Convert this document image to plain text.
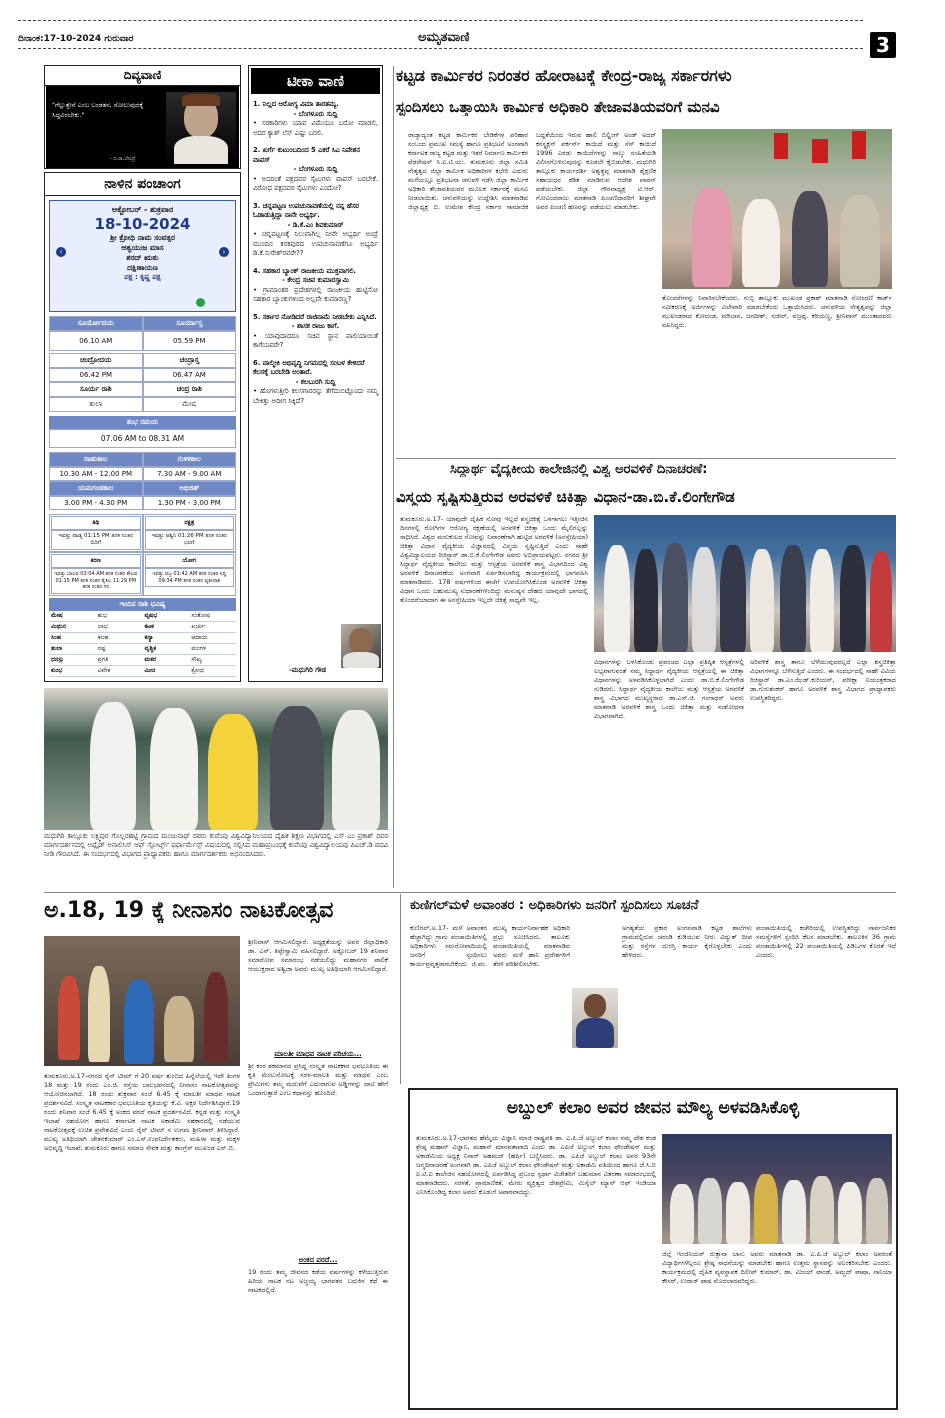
ದಿನಾಂಕ:17-10-2024 ಗುರುವಾರ	ಅಮೃತವಾಣಿ	3
ದಿವ್ಯವಾಣಿ
"ಗೆಲ್ಲುತ್ತೇನೆ ಎಂಬ ಬಂಡತನ, ಸೋಲುವುದಕ್ಕೆ ಸಿದ್ಧವಿರಬೇಕು."
- ದ.ರಾ.ಬೇಂದ್ರೆ
ನಾಳಿನ ಪಂಚಾಂಗ
ಅಕ್ಟೋಬರ್ - ಶುಕ್ರವಾರ
18-10-2024
‹	›
ಶ್ರೀ ಕ್ರೋಧಿ ನಾಮ ಸಂವತ್ಸರ
ಆಶ್ವಯುಜ ಮಾಸ
ಶರದ್ ಋತು
ದಕ್ಷಿಣಾಯಣ
ಪಕ್ಷ : ಕೃಷ್ಣ ಪಕ್ಷ
ಸೂರ್ಯೋದಯ	ಸೂರ್ಯಾಸ್ತ
06.10 AM	05.59 PM
ಚಂದ್ರೋದಯ	ಚಂದ್ರಾಸ್ತ
06.42 PM	06.47 AM
ಸೂರ್ಯ ರಾಶಿ	ಚಂದ್ರ ರಾಶಿ
ತುಲಾ	ಮೇಷ
ಶುಭ ಸಮಯ
07.06 AM to 08.31 AM
ರಾಹುಕಾಲ	ಗುಳಿಕಕಾಲ
10.30 AM - 12.00 PM	7.30 AM - 9.00 AM
ಯಮಗಂಡಕಾಲ	ಅಭಿಜಿತ್
3.00 PM - 4.30 PM	1.30 PM - 3.00 PM
ತಿಥಿ
ಇವತ್ತು ಪಾಡ್ಯ 01:15 PM ತನಕ ನಂತರ ಬಿದಿಗೆ
ನಕ್ಷತ್ರ
ಇವತ್ತು ಅಶ್ವಿನಿ 01:26 PM ತನಕ ನಂತರ ಭರಣಿ
ಕರಣ
ಇವತ್ತು ಬಾಲವ 03:04 AM ತನಕ ನಂತರ ಕೌಲವ 01:15 PM ತನಕ ನಂತರ ತೈತಿಲ 11:29 PM ತನಕ ನಂತರ ಗರ
ಯೋಗ
ಇವತ್ತು ವಜ್ರ 01:42 AM ತನಕ ನಂತರ ಸಿದ್ಧಿ 09:34 PM ತನಕ ನಂತರ ವ್ಯತೀಪಾತ
ಇಂದಿನ ರಾಶಿ ಭವಿಷ್ಯ
ಮೇಷ	ಶುಭ	ವೃಷಭ	ಸಂತೋಷ
ಮಿಥುನ	ಲಾಭ	ಕಟಕ	ಖರ್ಚು
ಸಿಂಹ	ಕಲಹ	ಕನ್ಯಾ	ಆದಾಯ
ತುಲಾ	ನಷ್ಟ	ವೃಶ್ಚಿಕ	ಮಂಗಳ
ಧನಸ್ಸು	ಪ್ರಗತಿ	ಮಕರ	ಸೌಖ್ಯ
ಕುಂಭ	ವಿವೇಕ	ಮೀನ	ಕ್ರೋಧ
ಟೀಕಾ ವಾಣಿ
1. ನಿಲ್ಲದ ಅರೋಗ್ಯ ವಿಮಾ ತಾರತಮ್ಯ.
- ಬೆಂಗಳೂರು ಸುದ್ದಿ
• ಸರಕಾರಿಗಳು ಯಾವ ವಿಮೆಯೂ ಬರೋ ಮಾಡಲಿ, ಅದರ ಕ್ಯಾಶ್ ಲೆಸ್ ಎಷ್ಟು ಬರಲಿ.
2. ಖರ್ಗೆ ಕುಟುಂಬದಿಂದ 5 ಎಕರೆ ಸಿಎ ನಿವೇಶನ ವಾಪಸ್
- ಬೆಂಗಳೂರು ಸುದ್ದಿ
• ಅದರಂತೆ ಪಕ್ಷದವರ ಸೈಟುಗಳು ವಾಪಸ್ ಬರಬೇಕೆ. ವಿರೋಧ ಪಕ್ಷದವರ ಸೈಟುಗಳು ಎಂದೋ?
3. ಚನ್ನಪಟ್ಟಣ ಉಪಚುನಾವಣೆಯಲ್ಲಿ ನನ್ನ ಹೆಸರ ಓಡಾಡುತ್ತಿದ್ದಾ ನಾನೇ ಅಭ್ಯರ್ಥಿ.
- ಡಿ.ಕೆ.ಎಂ ಶಿವಕುಮಾರ್
• ಚನ್ನಪಟ್ಟಣಕ್ಕೆ ನಿಲುವಾಗಿಲ್ಲ ನೀವೇ ಅಭ್ಯರ್ಥಿ ಅಂದ್ರೆ ಮುಂದಿನ ಕನಕಪುರದ ಉಪಚುನಾವಣೆಗೂ ಅಭ್ಯರ್ಥಿ ಡಿ.ಕೆ.ಸುರೇಶ್‌ರವರೇ??
4. ಸಹಕಾರ ಬ್ಯಾಂಕ್ ರಾಜಕೀಯ ಮುಕ್ತವಾಗಲಿ.
- ಕೇಂದ್ರ ಸಚಿವ ಕುಮಾರಸ್ವಾಮಿ
• ಗ್ರಾಮಾಂತರ ಪ್ರದೇಶಗಳಲ್ಲಿ ರಾಜಕೀಯ ಹುಟ್ಟಿಸೋ ಸಹಕಾರ ಬ್ಯಾಂಕುಗಳಿಂದ ಅಲ್ಲವೇ ಕುಮಾರಣ್ಣ?
5. ಸರ್ಕಾರ ನೋಡಿದರೆ ರಾಜಿನಾಮೆ ನೀಡಬೇಕು ಎನ್ನಿಸಿದೆ.
- ಶಾಸಕ ರಾಜು ಕಾಗೆ.
• ಯಾವುದಾದರೂ ಸಚಿವ ಸ್ಥಾನ ಪಾಲಿಯಾಯಿತೆ ಕಾಗೆಯವರೇ?
6. ವಾಲ್ಮೀಕಿ ಅಭಿವೃದ್ಧಿ ನಿಗಮದಲ್ಲಿ ಸಂಬಳ ಕೇಳಿದರೆ ಕೆಲಸಕ್ಕೆ ಬರಬೇಡಿ ಅಂತಾರೆ.
- ಕಲಬುರಗಿ ಸುದ್ದಿ
• ಹೊಗಳುತ್ತೀರಿ ಕಲಸಗಾರರನ್ನು ತೆಗೆದುಬಿಟ್ಟೊಂದು ನಮ್ಮ ಬೇಕಿತ್ತು ಅದೀಗ ಸಿಕ್ಕಿದೆ?
-ಮಧುಗಿರಿ ಗೌಡ
ಕಟ್ಟಡ ಕಾರ್ಮಿಕರ ನಿರಂತರ ಹೋರಾಟಕ್ಕೆ ಕೇಂದ್ರ-ರಾಜ್ಯ ಸರ್ಕಾರಗಳು
ಸ್ಪಂದಿಸಲು ಒತ್ತಾಯಿಸಿ ಕಾರ್ಮಿಕ ಅಧಿಕಾರಿ ತೇಜಾವತಿಯವರಿಗೆ ಮನವಿ
ರಾಜ್ಯಾದ್ಯಂತ ಕಟ್ಟಡ ಕಾರ್ಮಿಕರ ಬೇಡಿಕೆಗಳ ಪರಿಹಾರ ಸಂಬಂದ ಪ್ರಮುಖ ಸಮಸ್ಯೆ ಹಾಗೂ ಪ್ರತಿಭಟನೆ ಅಂಗವಾಗಿ ಕರ್ನಾಟಕ ರಾಜ್ಯ ಕಟ್ಟಡ ಮತ್ತು ಇತರೆ ನಿರ್ಮಾಣ ಕಾರ್ಮಿಕರ ಫೆಡರೇಷನ್ ಸಿ.ಐ.ಟಿ.ಯು. ತುಮಕೂರು ಜಿಲ್ಲಾ ಸಮಿತಿ ನೇತೃತ್ವದ ಜಿಲ್ಲಾ ಕಾರ್ಮಿಕ ಅಧಿಕಾರಿಗಳ ಕಛೇರಿ ಎದುರು ಮಳೆಯಲ್ಲೂ ಪ್ರತಿಭಟನಾ ಚಳುವಳಿ ನಡೆಸಿ ಜಿಲ್ಲಾ ಕಾರ್ಮಿಕ ಅಧಿಕಾರಿ ತೇಜಾವತಿಯವರ ಮೂಲಕ ಸರ್ಕಾರಕ್ಕೆ ಮನವಿ ನೀಡಲಾಯಿತು. ಚಳುವಳಿಯನ್ನು ಉದ್ದೇಶಿಸಿ ಮಾತನಾಡಿದ ಜಿಲ್ಲಾಧ್ಯಕ್ಷ ಬಿ. ಉಮೇಶ ಕೇಂದ್ರ ಸರ್ಕಾರ ಸಾಮಾಜಿಕ ಬದ್ಧತೆಯಿಂದ ಇರುವ ಹಾಲಿ ಬಿಲ್ಡಿಂಗ್ ಅಂಡ್ ಅದರ್ ಕನಸ್ಟ್ರಕ್ಷನ್ ವರ್ಕರ್ಸ್ ಕಾಯಿದೆ ಮತ್ತು ಸೆಸ್ ಕಾಯಿದೆ 1996 ಎರಡು ಕಾಯಿದೆಗಳನ್ನು ನಾಲ್ಕು ಸಂಹಿತೆಯಡಿ ವಿಲೀನಗೊಳಿಸುವುದನ್ನು ಕೂಡಲೇ ಕೈಬಿಡಬೇಕು. ಮಧುಗಿರಿ ತಾಲ್ಲೂಕು ಕಾರ್ಯದರ್ಶಿ ಅಶ್ವತ್ಥಪ್ಪ ಮಾತನಾಡಿ ಶೈಕ್ಷಣಿಕ ಸಹಾಯಧನ ಕಡಿತ ಮಾಡಿರುವ ಆದೇಶ ವಾಪಸ್ ಪಡೆಯಬೇಕು. ಜಿಲ್ಲಾ ಗೌರವಾಧ್ಯಕ್ಷ ಟಿ.ಆರ್. ಗೋವಿಂದರಾಜು ಮಾತನಾಡಿ ಪಿಂಚಣಿದಾರರಿಗೆ ಶೀಘ್ರವೇ ಅವರ ಪಿಂಚಣಿ ಹಣವನ್ನು ಪಡೆಯಲು ಮಾಡಬೇಕು.
ತೊಂದರೆಗಳನ್ನು ನಿವಾರಿಸಬೇಕೆಂದರು. ಗುಬ್ಬಿ ತಾಲ್ಲೂಕು ಮುಖಂಡ ಪ್ರಕಾಶ್ ಮಾತನಾಡಿ ನೋಂದಣಿ ಕಾರ್ಡ್ ನವೀಕರಣಕ್ಕೆ ಅರ್ಜಿಗಳನ್ನು ವಿಲೇವಾರಿ ಮಾಡಬೇಕೆಂದು ಒತ್ತಾಯಿಸಿದರು. ಚಳುವಳಿಯ ನೇತೃತ್ವವನ್ನು ಜಿಲ್ಲಾ ಮುಖಂಡರಾದ ಕೋದಂಡ, ಮೌಲಾನ, ಜಗದೀಶ್, ನಜೀರ್, ವಜ್ರಪ್ಪ, ಕರಿಯಣ್ಣ, ಶ್ರೀನಿವಾಸ್ ಮುಂತಾದವರು ವಹಿಸಿದ್ದರು.
ಸಿದ್ಧಾರ್ಥ ವೈದ್ಯಕೀಯ ಕಾಲೇಜಿನಲ್ಲಿ ವಿಶ್ವ ಅರವಳಿಕೆ ದಿನಾಚರಣೆ:
ವಿಸ್ಮಯ ಸೃಷ್ಟಿಸುತ್ತಿರುವ ಅರವಳಿಕೆ ಚಿಕಿತ್ಸಾ ವಿಧಾನ-ಡಾ.ಬಿ.ಕೆ.ಲಿಂಗೇಗೌಡ
ತುಮಕೂರು,ಅ.17- ಯಾವುದೇ ದೈಹಿಕ ನೋವು ಇಲ್ಲದೆ ಶಸ್ತ್ರಚಿಕಿತ್ಸೆ ಒಳಗಾಗಲು ಇತ್ತೀಚಿನ ದಿನಗಳಲ್ಲಿ ರೋಗಿಗಳ ಆರೋಗ್ಯ ರಕ್ಷಣೆಯಲ್ಲಿ ಅರವಳಿಕೆ ಚಿಕಿತ್ಸಾ ಒಂದು ಮೈಲಿಗಲ್ಲನ್ನು ಸಾಧಿಸಿದೆ. ವಿಶ್ವದ ಮನುಕುಲದ ನೋವನ್ನು ನಿವಾರಣೆಗಾಗಿ ಹುಟ್ಟಿದ ಅರವಳಿಕೆ (ಅನಸ್ತೇಷಿಯಾ) ಚಿಕಿತ್ಸಾ ವಿಧಾನ ವೈದ್ಯಕೀಯ ವಿಜ್ಞಾನದಲ್ಲಿ ವಿಸ್ಮಯ ಸೃಷ್ಟಿಸುತ್ತಿದೆ ಎಂದು ಸಾಹೇ ವಿಶ್ವವಿದ್ಯಾಲಯದ ರಿಜಿಸ್ಟ್ರಾರ್ ಡಾ.ಬಿ.ಕೆ.ಲಿಂಗೇಗೌಡ ಅವರು ಅಭಿಪ್ರಾಯಪಟ್ಟರು. ನಗರದ ಶ್ರೀ ಸಿದ್ಧಾರ್ಥ ವೈದ್ಯಕೀಯ ಕಾಲೇಜು ಮತ್ತು ಆಸ್ಪತ್ರೆಯ ಅರವಳಿಕೆ ಶಾಸ್ತ್ರ ವಿಭಾಗದಿಂದ ವಿಶ್ವ ಅರವಳಿಕೆ ದಿನಾಚರಣೆಯ ಅಂಗವಾಗಿ ಏರ್ಪಡಿಸಲಾಗಿದ್ದ ಕಾರ್ಯಕ್ರಮದಲ್ಲಿ ಭಾಗವಹಿಸಿ ಮಾತನಾಡಿದರು. 178 ವರ್ಷಗಳಿಂದ ಈಚೆಗೆ ಉಪಯೋಗಿಸಿಕೊಂಡ ಅರವಳಿಕೆ ಚಿಕಿತ್ಸಾ ವಿಧಾನ ಒಂದು ಬಹುಮುಖ್ಯ ಸುಧಾರಣೆಗಳಿಂದಿದ್ದು ಮನುಷ್ಯನ ದೇಹದ ಯಾವುದೇ ಭಾಗದಲ್ಲಿ ತೊಂದರೆಯಾದಾಗ ಈ ಅನಸ್ತೇಷಿಯಾ ಇಲ್ಲದೇ ಚಿಕಿತ್ಸೆ ಸಾಧ್ಯವೇ ಇಲ್ಲ.
ವಿಧಾನಗಳನ್ನು ಬಳಸಿಕೊಂಡು ಪ್ರಪಂಚದ ಎಲ್ಲಾ ಪ್ರತಿಷ್ಠಿತ ಆಸ್ಪತ್ರೆಗಳಲ್ಲಿ ಲಭ್ಯವಾಗುವಂತೆ ನಮ್ಮ ಸಿದ್ಧಾರ್ಥ ವೈದ್ಯಕೀಯ ಆಸ್ಪತ್ರೆಯಲ್ಲಿ ಈ ಚಿಕಿತ್ಸಾ ವಿಧಾನಗಳನ್ನು ಅಳವಡಿಸಿಕೊಳ್ಳಲಾಗಿದೆ ಎಂದು ಡಾ.ಬಿ.ಕೆ.ಲಿಂಗೇಗೌಡ ನುಡಿದರು. ಸಿದ್ಧಾರ್ಥ ವೈದ್ಯಕೀಯ ಕಾಲೇಜು ಮತ್ತು ಆಸ್ಪತ್ರೆಯ ಅರವಳಿಕೆ ಶಾಸ್ತ್ರ ವಿಭಾಗದ ಮುಖ್ಯಸ್ಥರಾದ ಡಾ.ಎಸ್.ಜಿ. ಗಂಗಾಧರ್ ಅವರು ಮಾತನಾಡಿ ಅರವಳಿಕೆ ಶಾಸ್ತ್ರ ಒಂದು ಚಿಕಿತ್ಸಾ ಮತ್ತು ಸಂಶೋಧನಾ ವಿಭಾಗವಾಗಿದೆ.
ಅರಿವಳಿಕೆ ಶಾಸ್ತ್ರ ತಾನೂ ಬೆಳೆಯುವುದರಲ್ಲದೆ ಎಲ್ಲಾ ಶಸ್ತ್ರಚಿಕಿತ್ಸಾ ವಿಭಾಗಗಳನ್ನೂ ಬೆಳೆಸುತ್ತಿದೆ ಎಂದರು. ಈ ಸಂದರ್ಭದಲ್ಲಿ ಸಾಹೇ ವಿವಿಯ ರಿಜಿಸ್ಟ್ರಾರ್ ಡಾ.ಎಂ.ಝೆಡ್.ಕುರಿಯನ್, ಪರೀಕ್ಷಾ ನಿಯಂತ್ರಕರಾದ ಡಾ.ಗುರುಶಂಕರ್ ಹಾಗೂ ಅರವಳಿಕೆ ಶಾಸ್ತ್ರ ವಿಭಾಗದ ಪ್ರಾಧ್ಯಾಪಕರು ಉಪಸ್ಥಿತರಿದ್ದರು.
ಮಧುಗಿರಿ ತಾಲ್ಲೂಕು ಲಕ್ಷ್ಮಿಪುರ ಗೊಲ್ಲರಹಟ್ಟಿ ಗ್ರಾಮದ ಮಂಜುನಾಥ್ ರವರು ಕುವೆಂಪು ವಿಶ್ವವಿದ್ಯಾನಿಲಯದ ದೈಹಿಕ ಶಿಕ್ಷಣ ವಿಭಾಗದಲ್ಲಿ ಎಸ್ ಎಂ ಪ್ರಕಾಶ್ ರವರ ಮಾರ್ಗದರ್ಶನದಲ್ಲಿ ಅಪ್ಲೈಡ್ ಅನಾಲಿಸಿಸ್ ಆಫ್ ಸ್ಪೋರ್ಟ್ಸ್ ಫರ್ಫಾರ್ಮೆನ್ಸ್ ವಿಷಯದಲ್ಲಿ ಸಲ್ಲಿಸಿದ ಮಹಾಪ್ರಬಂಧಕ್ಕೆ ಕುವೆಂಪು ವಿಶ್ವವಿದ್ಯಾಲಯವು ಪಿಎಚ್.ಡಿ ಪದವಿ ನೀಡಿ ಗೌರವಿಸಿದೆ. ಈ ಸಂದರ್ಭದಲ್ಲಿ ವಿಭಾಗದ ಪ್ರಾಧ್ಯಾಪಕರು ಹಾಗೂ ಮಾರ್ಗದರ್ಶಕರು ಅಭಿನಂದಿಸಿದರು.
ಅ.18, 19 ಕ್ಕೆ ನೀನಾಸಂ ನಾಟಕೋತ್ಸವ
ತುಮಕೂರು,ಅ.17-ನಗರದ ರೈನ್ ಟೀಮ್ ಗೆ 20 ವರ್ಷ ತುಂಬಿದ ಹಿನ್ನೆಲೆಯಲ್ಲಿ ಇದೇ ತಿಂಗಳ 18 ಮತ್ತು 19 ರಂದು ಎಂ.ಜಿ. ರಸ್ತೆಯ ಬಾಲಭವನದಲ್ಲಿ ನೀನಾಸಂ ನಾಟಕೋತ್ಸವವನ್ನು ಆಯೋಜಿಸಲಾಗಿದೆ. 18 ರಂದು ಶುಕ್ರವಾರ ಸಂಜೆ 6.45 ಕ್ಕೆ ಮಾಲತೀ ಮಾಧವ ನಾಟಕ ಪ್ರದರ್ಶನವಿದೆ. ಸಂಸ್ಕೃತ ನಾಟಕಕಾರ ಭವಭೂತಿಯ ಕೃತಿಯನ್ನು ಕೆ.ವಿ. ಅಕ್ಷರ ನಿರ್ದೇಶಿಸಿದ್ದಾರೆ.19 ರಂದು ಶನಿವಾರ ಸಂಜೆ 6.45 ಕ್ಕೆ ಅಂಕದ ಪರದೆ ನಾಟಕ ಪ್ರದರ್ಶನವಿದೆ. ಕನ್ನಡ ಮತ್ತು ಸಂಸ್ಕೃತಿ ಇಲಾಖೆ ಸಹಯೋಗ ಹಾಗೂ ಕರ್ನಾಟಕ ನಾಟಕ ಅಕಾಡೆಮಿ ಸಹಕಾರದಲ್ಲಿ ನಡೆಯುವ ನಾಟಕೋತ್ಸವಕ್ಕೆ ಉಚಿತ ಪ್ರವೇಶವಿದೆ ಎಂದು ರೈನ್ ಟೀಮ್ ನ ಉಗಮ ಶ್ರೀನಿವಾಸ್ ತಿಳಿಸಿದ್ದಾರೆ. ಮುಖ್ಯ ಅತಿಥಿಯಾಗಿ ಚೇತನಕುಮಾರ್ ಎಂ.ಎಸ್.ಉಪನಿರ್ದೇಶಕರು, ಮಹಿಳಾ ಮತ್ತು ಮಕ್ಕಳ ಅಭಿವೃದ್ಧಿ ಇಲಾಖೆ, ತುಮಕೂರು ಹಾಗೂ ಸಮಾಜ ಸೇವಕ ಮತ್ತು ಕಾಂಗ್ರೆಸ್ ಮುಖಂಡ ಎಸ್.ಬಿ.
ಶ್ರೀನಿವಾಸ್ ಆಗಮಿಸಲಿದ್ದಾರೆ. ಅಧ್ಯಕ್ಷತೆಯನ್ನು ಅವರ ಜಿಲ್ಲಾಧಿಕಾರಿ ಡಾ. ಎನ್. ತಿಪ್ಪೇಸ್ವಾಮಿ ವಹಿಸಲಿದ್ದಾರೆ. ಅಕ್ಟೋಬರ್ 19 ಶನಿವಾರ ಸಮಾರೋಪ ಸಮಾರಂಭ ನಡೆಯಲಿದ್ದು ಮಹಾನಗರ ಪಾಲಿಕೆ ಆಯುಕ್ತರಾದ ಅಶ್ವಿಜಾ ಅವರು ಮುಖ್ಯ ಅತಿಥಿಯಾಗಿ ಆಗಮಿಸಲಿದ್ದಾರೆ.
ಮಾಲತೀ ಮಾಧವ ನಾಟಕ ಪರಿಚಯ...
ಶ್ರೀ ಕಂಠ ಶಕಮಾನದ ಪ್ರಸಿದ್ಧ ಸಂಸ್ಕೃತ ನಾಟಕಕಾರ ಭವಭೂತಿಯ ಈ ಕೃತಿ ಮೇಲುನೋಟಕ್ಕೆ ಸರಳ-ಮಾಲತಿ ಮತ್ತು ಮಾಧವ ಎಂಬ ಪ್ರೇಮಿಗಳು ತಮ್ಮ ಮದುವೆಗೆ ಎದುರಾಗುವ ಅಡ್ಡಿಗಳನ್ನು ದಾಟಿ ಹೇಗೆ ಒಂದಾಗುತ್ತಾರೆ ಎಂಬ ಕಥಾವಸ್ತು ಹೊಂದಿದೆ.
ಅಂಕದ ಪರದೆ...
19 ರಂದು ತಮ್ಮ ಜೀವನದ ಕಡೆಯ ವರ್ಷಗಳನ್ನು ಕಳೆಯುತ್ತಿರುವ ಹಿರಿಯ ನಾಟಕ ನಟ ಅಜ್ಜಯ್ಯ ಭಾಗವತರ ಬದುಕಿನ ಕಥೆ ಈ ನಾಟಕದಲ್ಲಿದೆ.
ಕುಣಿಗಲ್‌ಮಳೆ ಅವಾಂತರ : ಅಧಿಕಾರಿಗಳು ಜನರಿಗೆ ಸ್ಪಂದಿಸಲು ಸೂಚನೆ
ಕುಣಿಗಲ್,ಅ.17- ಮಳೆ ಅವಾಂತರ ಹೆಚ್ಚಾಗಿದ್ದು ಗ್ರಾಮ ಪಂಚಾಯಿತಿಗಳಲ್ಲಿ ಅಧಿಕಾರಿಗಳು ಸಮರೋಪಾದಿಯಲ್ಲಿ ಜನರಿಗೆ ಸ್ಪಂದಿಸಲು ಕಾರ್ಯಪ್ರವೃತ್ತರಾಗಬೇಕೆಂದು ಜಿ.ಪಂ. ಮುಖ್ಯ ಕಾರ್ಯನಿರ್ವಾಹಕ ಅಧಿಕಾರಿ ಪ್ರಭು ಸೂಚಿಸಿದರು. ತಾಲೂಕು ಪಂಚಾಯಿತಿಯಲ್ಲಿ ಮಾತನಾಡಿದ ಅವರು ಮಳೆ ಹಾನಿ ಪ್ರದೇಶಗಳಿಗೆ ತೆರಳಿ ಪರಿಶೀಲಿಸಬೇಕು.
ಅಗತ್ಯತೆಯ ಪ್ರಕಾರ ಅಂಗನವಾಡಿ ಕಟ್ಟಡ ಶಾಲೆಗಳು ಗ್ರಾಮದಲ್ಲಿರುವ ಚರಂಡಿ ಕುಡಿಯುವ ನೀರು ವಿದ್ಯುತ್ ದೀಪ ಮತ್ತು ರಸ್ತೆಗಳ ದುರಸ್ತಿ ಕಾರ್ಯ ಕೈಗೊಳ್ಳಬೇಕು ಎಂದು ಹೇಳಿದರು.
ಪಂಚಾಯಿತಿಯಲ್ಲಿ ಕಚೇರಿಯಲ್ಲಿ ಉಪಸ್ಥಿತರಿದ್ದು ಸಾರ್ವಜನಿಕರ ಸಮಸ್ಯೆಗಳಿಗೆ ಸ್ಪಂದಿಸಿ ಕೆಲಸ ಮಾಡಬೇಕು. ತಾಲೂಕಿನ 36 ಗ್ರಾಮ ಪಂಚಾಯಿತಿಗಳಲ್ಲಿ 22 ಪಂಚಾಯಿತಿಯಲ್ಲಿ ಪಿಡಿಒಗಳ ಕೊರತೆ ಇದೆ ಎಂದರು.
ಅಬ್ದುಲ್ ಕಲಾಂ ಅವರ ಜೀವನ ಮೌಲ್ಯ ಅಳವಡಿಸಿಕೊಳ್ಳಿ
ತುಮಕೂರು,ಅ.17-ಭಾರತದ ಹೆಮ್ಮೆಯ ವಿಜ್ಞಾನಿ ಮಾಜಿ ರಾಷ್ಟ್ರಪತಿ ಡಾ. ಎ.ಪಿ.ಜೆ ಅಬ್ದುಲ್ ಕಲಾಂ ನಮ್ಮ ದೇಶ ಕಂಡ ಶ್ರೇಷ್ಠ ಮಹಾನ್ ವಿಜ್ಞಾನಿ, ಮಹಾನ್ ಮಾನವತಾವಾದಿ ಎಂದು ಡಾ. ಎಪಿಜೆ ಅಬ್ದುಲ್ ಕಲಾಂ ಫೌಂಡೇಷನ್ ಮತ್ತು ಅಕಾಡೆಮಿಯ ಅಧ್ಯಕ್ಷ ನಿಸಾರ್ ಅಹಮದ್ (ಹರ್ಷಿ) ಬಣ್ಣಿಸಿದರು. ಡಾ. ಎಪಿಜೆ ಅಬ್ದುಲ್ ಕಲಾಂ ಅವರ 93ನೇ ಜನ್ಮದಿನಾಚರಣೆ ಅಂಗವಾಗಿ ಡಾ. ಎಪಿಜೆ ಅಬ್ದುಲ್ ಕಲಾಂ ಫೌಂಡೇಷನ್ ಮತ್ತು ಅಕಾಡೆಮಿ ವತಿಯಿಂದ ಹಾಗೂ ಜೆ.ಸಿ.ಬಿ ಐ.ಟಿ.ಐ ಕಾಲೇಜಿನ ಸಹಯೋಗದಲ್ಲಿ ಏರ್ಪಡಿಸಿದ್ದ ಪ್ರಬಂಧ ಸ್ಪರ್ಧಾ ವಿಜೇತರಿಗೆ ಬಹುಮಾನ ವಿತರಣಾ ಸಮಾರಂಭದಲ್ಲಿ ಮಾತನಾಡಿದರು. ಸರಳತೆ, ಪ್ರಾಮಾಣಿಕತೆ, ಮೇರು ವ್ಯಕ್ತಿತ್ವದ ದೇಶಪ್ರೇಮಿ, ಮಿಸೈಲ್ ಮ್ಯಾನ್ ಆಫ್ ಇಂಡಿಯಾ ಎನಿಸಿಕೊಂಡಿದ್ದ ಕಲಾಂ ಅವರು ಕೊಡುಗೆ ಅಪಾರವಾದದ್ದು.
ಜಿಲ್ಲೆ ಇಂಜಿನಿಯರ್ ರುಕ್ಸಾನಾ ಬಾನು ಅವರು ಮಾತನಾಡಿ ಡಾ. ಎ.ಪಿ.ಜೆ ಅಬ್ದುಲ್ ಕಲಾಂ ಅವರಂತೆ ವಿದ್ಯಾರ್ಥಿಗಳೆಲ್ಲರೂ ಶ್ರೇಷ್ಠ ಸಾಧನೆಯನ್ನು ಮಾಡಬೇಕು ಹಾಗೂ ಉತ್ತಮ ಸ್ಥಾನವನ್ನು ಅಲಂಕರಿಸಬೇಕು ಎಂದರು. ಕಾರ್ಯಕ್ರಮದಲ್ಲಿ ದೈಹಿಕ ವ್ಯವಸ್ಥಾಪಕ ದಿಲೀಪ್ ಕುಮಾರ್, ಡಾ. ವಿಜಯ್ ಪಾಂಡೆ, ಅಮ್ಜದ್ ಪಾಷಾ, ಸಾನಿಯಾ ಕೌಸರ್, ಉರಾಜ್ ಪಾಷ ಮೊದಲಾದವರಿದ್ದರು.
